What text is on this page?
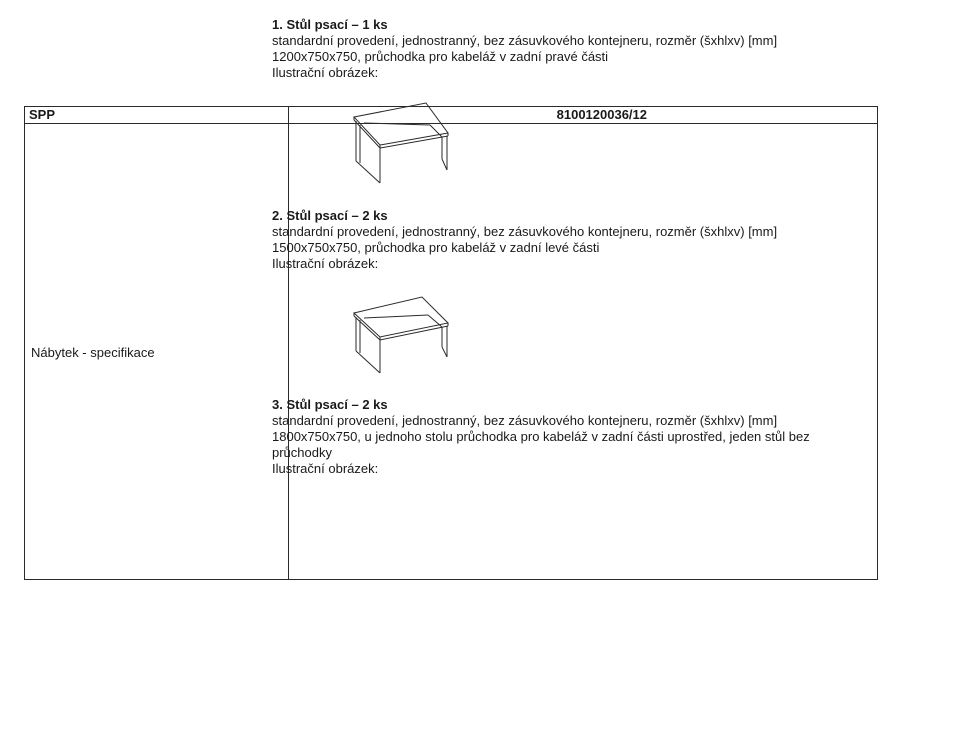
SPP	8100120036/12
Nábytek - specifikace
1. Stůl psací – 1 ks
standardní provedení, jednostranný, bez zásuvkového kontejneru, rozměr (šxhlxv) [mm]
1200x750x750, průchodka pro kabeláž v zadní pravé části
Ilustrační obrázek:
2. Stůl psací – 2 ks
standardní provedení, jednostranný, bez zásuvkového kontejneru, rozměr (šxhlxv) [mm]
1500x750x750, průchodka pro kabeláž v zadní levé části
Ilustrační obrázek:
3. Stůl psací – 2 ks
standardní provedení, jednostranný, bez zásuvkového kontejneru, rozměr (šxhlxv) [mm]
1800x750x750, u jednoho stolu průchodka pro kabeláž v zadní části uprostřed, jeden stůl bez
průchodky
Ilustrační obrázek:
